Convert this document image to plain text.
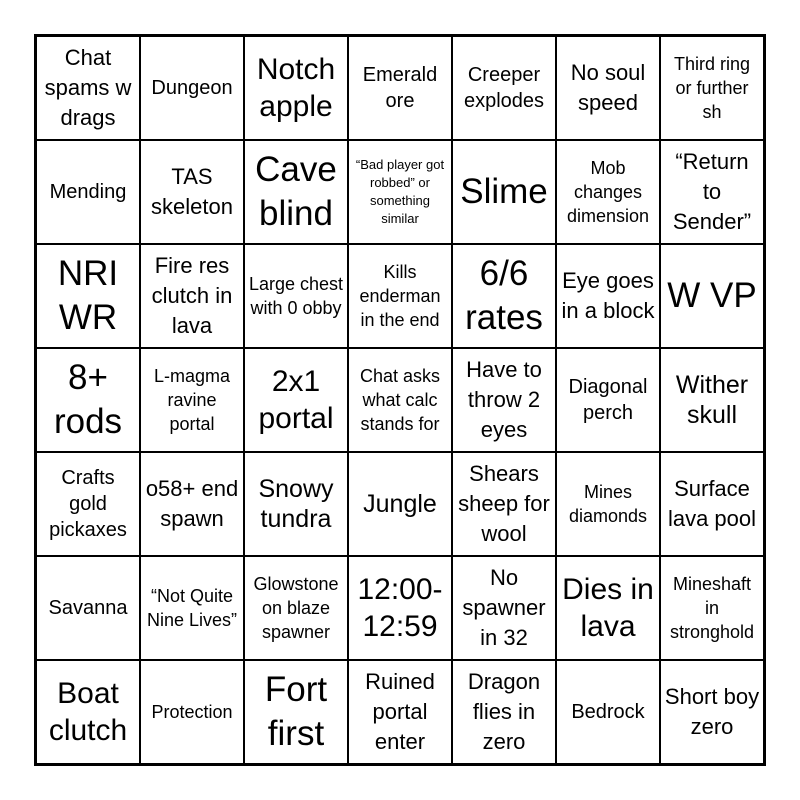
Chat spams w drags
Dungeon
Notch apple
Emerald ore
Creeper explodes
No soul speed
Third ring or further sh
Mending
TAS skeleton
Cave blind
“Bad player got robbed” or something similar
Slime
Mob changes dimension
“Return to Sender”
NRI WR
Fire res clutch in lava
Large chest with 0 obby
Kills enderman in the end
6/6 rates
Eye goes in a block W VP
8+ rods
L-magma ravine portal
2x1 portal
Chat asks what calc stands for
Have to throw 2 eyes
Diagonal perch
Wither skull
Crafts gold pickaxes
o58+ end spawn
Snowy tundra
Jungle
Shears sheep for wool
Mines diamonds
Surface lava pool
Savanna
“Not Quite Nine Lives”
Glowstone on blaze spawner
12:00-12:59
No spawner in 32
Dies in lava
Mineshaft in stronghold
Boat clutch
Protection
Fort first
Ruined portal enter
Dragon flies in zero
Bedrock
Short boy zero
